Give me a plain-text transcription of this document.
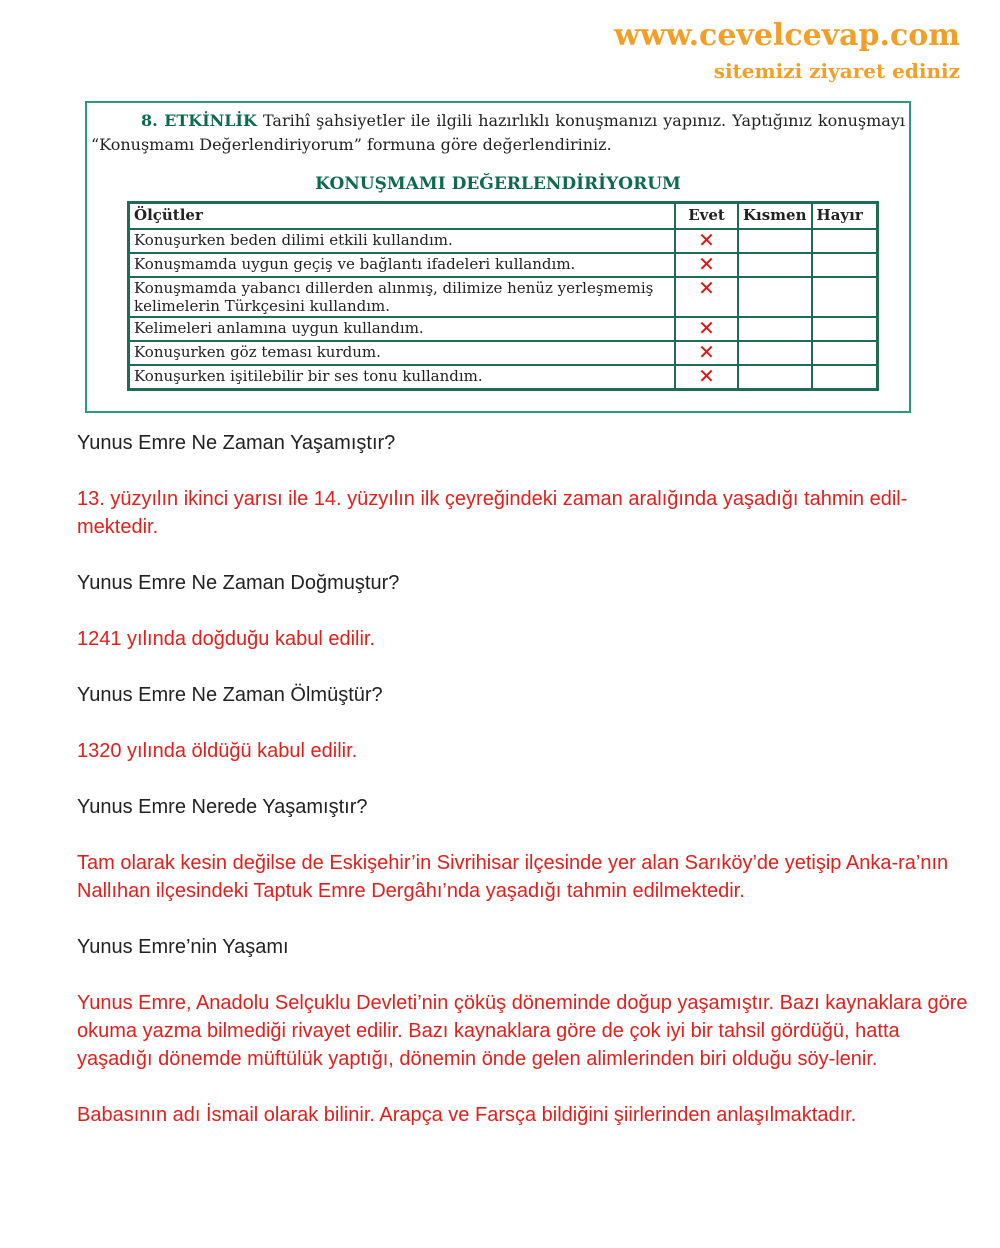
www.cevelcevap.com
sitemizi ziyaret ediniz
8. ETKİNLİK Tarihî şahsiyetler ile ilgili hazırlıklı konuşmanızı yapınız. Yaptığınız konuşmayı “Konuşmamı Değerlendiriyorum” formuna göre değerlendiriniz.
KONUŞMAMI DEĞERLENDİRİYORUM
Ölçütler	Evet	Kısmen	Hayır
Konuşurken beden dilimi etkili kullandım.	✕		
Konuşmamda uygun geçiş ve bağlantı ifadeleri kullandım.	✕		
Konuşmamda yabancı dillerden alınmış, dilimize henüz yerleşmemiş kelimelerin Türkçesini kullandım.	✕		
Kelimeleri anlamına uygun kullandım.	✕		
Konuşurken göz teması kurdum.	✕		
Konuşurken işitilebilir bir ses tonu kullandım.	✕		
Yunus Emre Ne Zaman Yaşamıştır?
13. yüzyılın ikinci yarısı ile 14. yüzyılın ilk çeyreğindeki zaman aralığında yaşadığı tahmin edil-mektedir.
Yunus Emre Ne Zaman Doğmuştur?
1241 yılında doğduğu kabul edilir.
Yunus Emre Ne Zaman Ölmüştür?
1320 yılında öldüğü kabul edilir.
Yunus Emre Nerede Yaşamıştır?
Tam olarak kesin değilse de Eskişehir’in Sivrihisar ilçesinde yer alan Sarıköy’de yetişip Anka-ra’nın Nallıhan ilçesindeki Taptuk Emre Dergâhı’nda yaşadığı tahmin edilmektedir.
Yunus Emre’nin Yaşamı
Yunus Emre, Anadolu Selçuklu Devleti’nin çöküş döneminde doğup yaşamıştır. Bazı kaynaklara göre okuma yazma bilmediği rivayet edilir. Bazı kaynaklara göre de çok iyi bir tahsil gördüğü, hatta yaşadığı dönemde müftülük yaptığı, dönemin önde gelen alimlerinden biri olduğu söy-lenir.
Babasının adı İsmail olarak bilinir. Arapça ve Farsça bildiğini şiirlerinden anlaşılmaktadır.
